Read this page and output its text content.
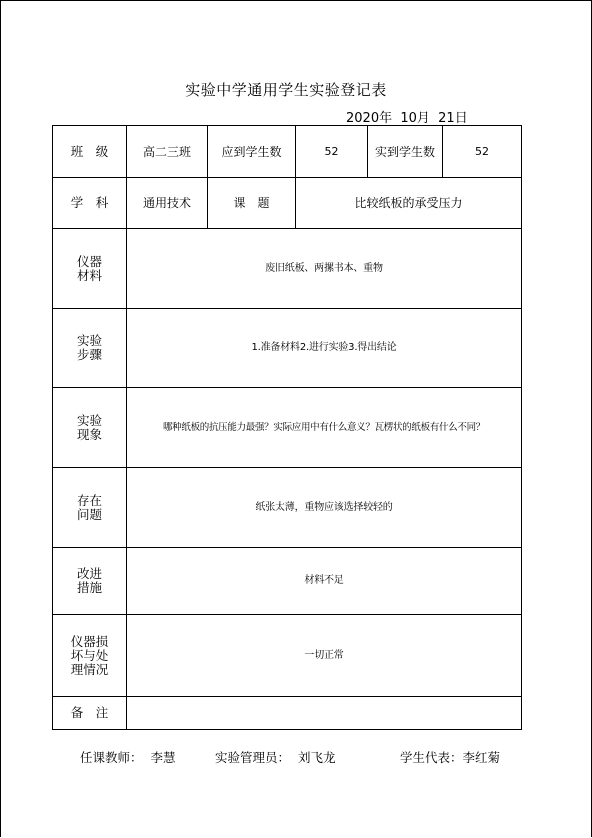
实验中学通用学生实验登记表
2020年  10月  21日
班　级	高二三班	应到学生数	52	实到学生数	52
学　科	通用技术	课　题	比较纸板的承受压力		
仪器
材料	废旧纸板、两摞书本、重物				
实验
步骤	1.准备材料2.进行实验3.得出结论				
实验
现象	哪种纸板的抗压能力最强？实际应用中有什么意义？瓦楞状的纸板有什么不同？				
存在
问题	纸张太薄，重物应该选择较轻的				
改进
措施	材料不足				
仪器损
坏与处
理情况	一切正常				
备　注					
任课教师：  李慧	实验管理员：  刘飞龙	学生代表：李红菊
